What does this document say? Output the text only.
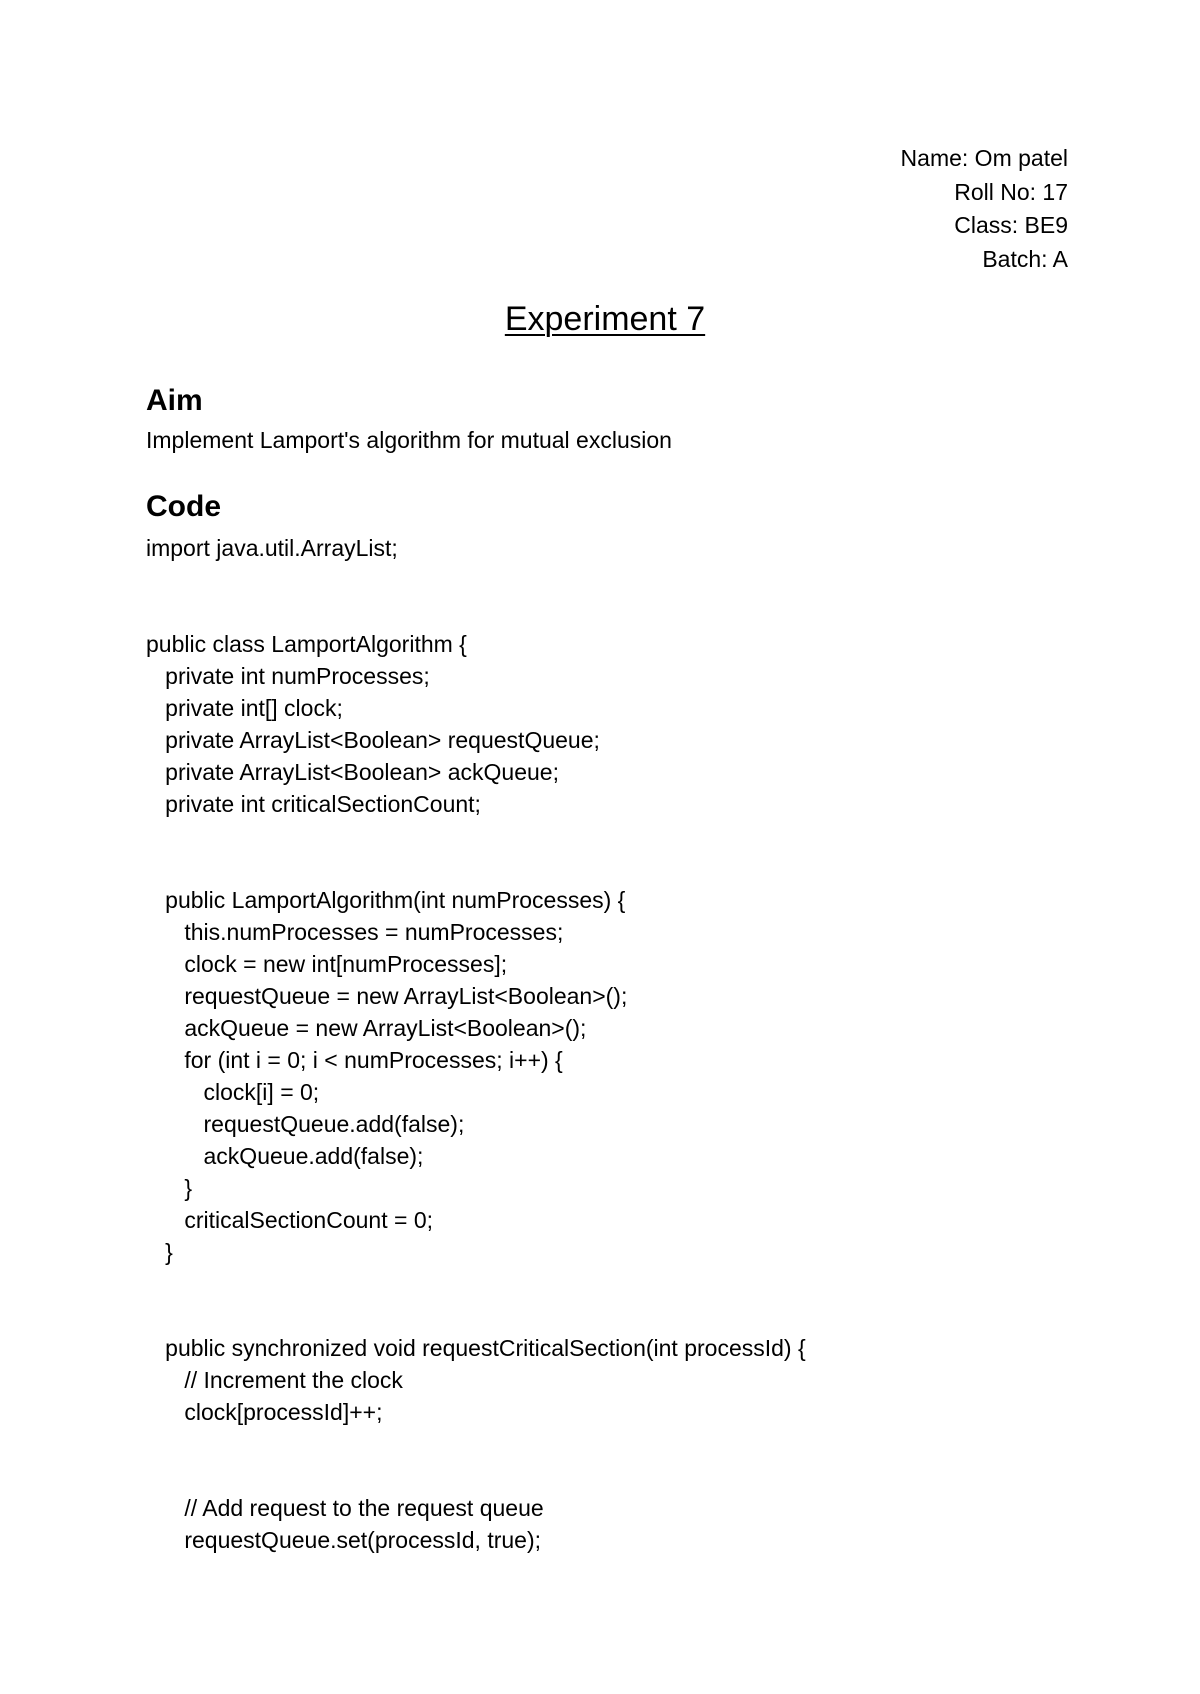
Name: Om patel
Roll No: 17
Class: BE9
Batch: A
Experiment 7
Aim
Implement Lamport's algorithm for mutual exclusion
Code
import java.util.ArrayList;

public class LamportAlgorithm {
private int numProcesses;
private int[] clock;
private ArrayList<Boolean> requestQueue;
private ArrayList<Boolean> ackQueue;
private int criticalSectionCount;

public LamportAlgorithm(int numProcesses) {
this.numProcesses = numProcesses;
clock = new int[numProcesses];
requestQueue = new ArrayList<Boolean>();
ackQueue = new ArrayList<Boolean>();
for (int i = 0; i < numProcesses; i++) {
clock[i] = 0;
requestQueue.add(false);
ackQueue.add(false);
}
criticalSectionCount = 0;
}

public synchronized void requestCriticalSection(int processId) {
// Increment the clock
clock[processId]++;

// Add request to the request queue
requestQueue.set(processId, true);
